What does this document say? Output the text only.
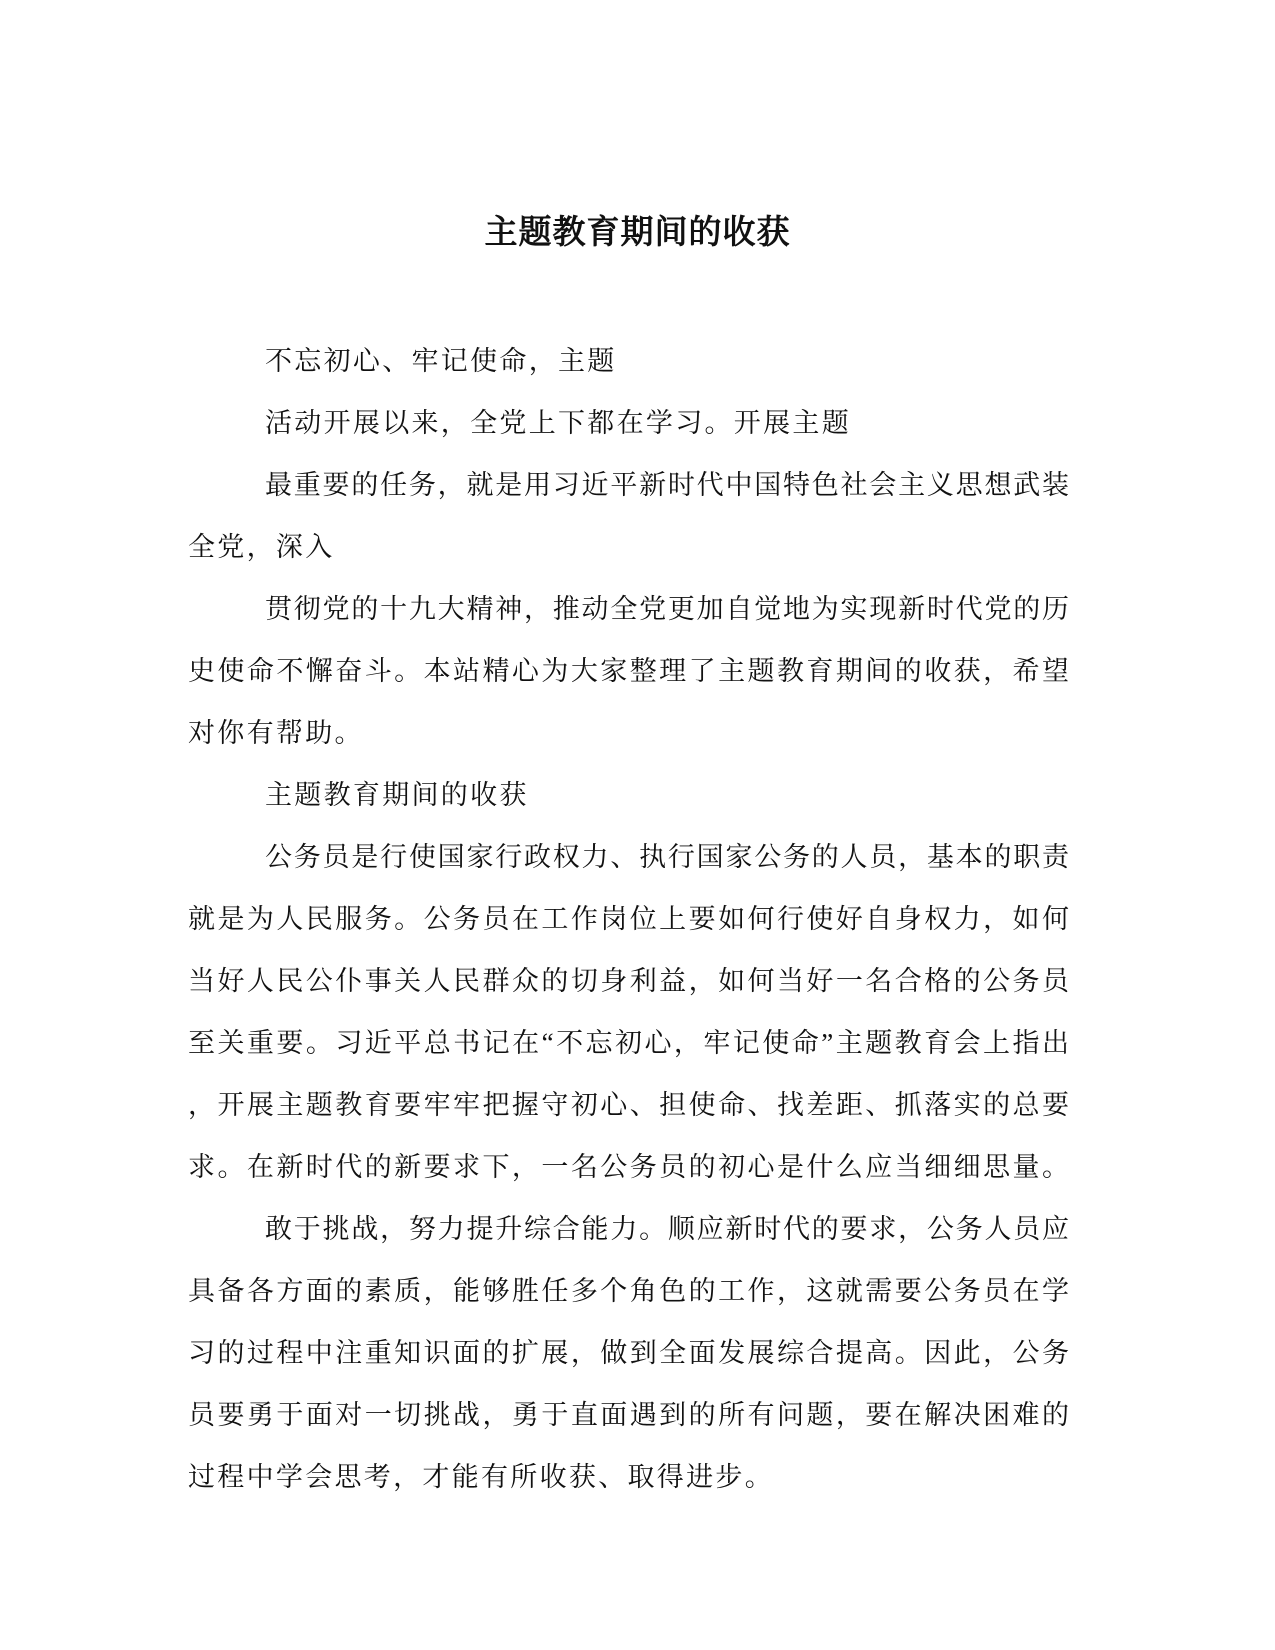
主题教育期间的收获
不忘初心、牢记使命，主题
活动开展以来，全党上下都在学习。开展主题
最重要的任务，就是用习近平新时代中国特色社会主义思想武装
全党，深入
贯彻党的十九大精神，推动全党更加自觉地为实现新时代党的历
史使命不懈奋斗。本站精心为大家整理了主题教育期间的收获，希望
对你有帮助。
主题教育期间的收获
公务员是行使国家行政权力、执行国家公务的人员，基本的职责
就是为人民服务。公务员在工作岗位上要如何行使好自身权力，如何
当好人民公仆事关人民群众的切身利益，如何当好一名合格的公务员
至关重要。习近平总书记在“不忘初心，牢记使命”主题教育会上指出
，开展主题教育要牢牢把握守初心、担使命、找差距、抓落实的总要
求。在新时代的新要求下，一名公务员的初心是什么应当细细思量。
敢于挑战，努力提升综合能力。顺应新时代的要求，公务人员应
具备各方面的素质，能够胜任多个角色的工作，这就需要公务员在学
习的过程中注重知识面的扩展，做到全面发展综合提高。因此，公务
员要勇于面对一切挑战，勇于直面遇到的所有问题，要在解决困难的
过程中学会思考，才能有所收获、取得进步。
